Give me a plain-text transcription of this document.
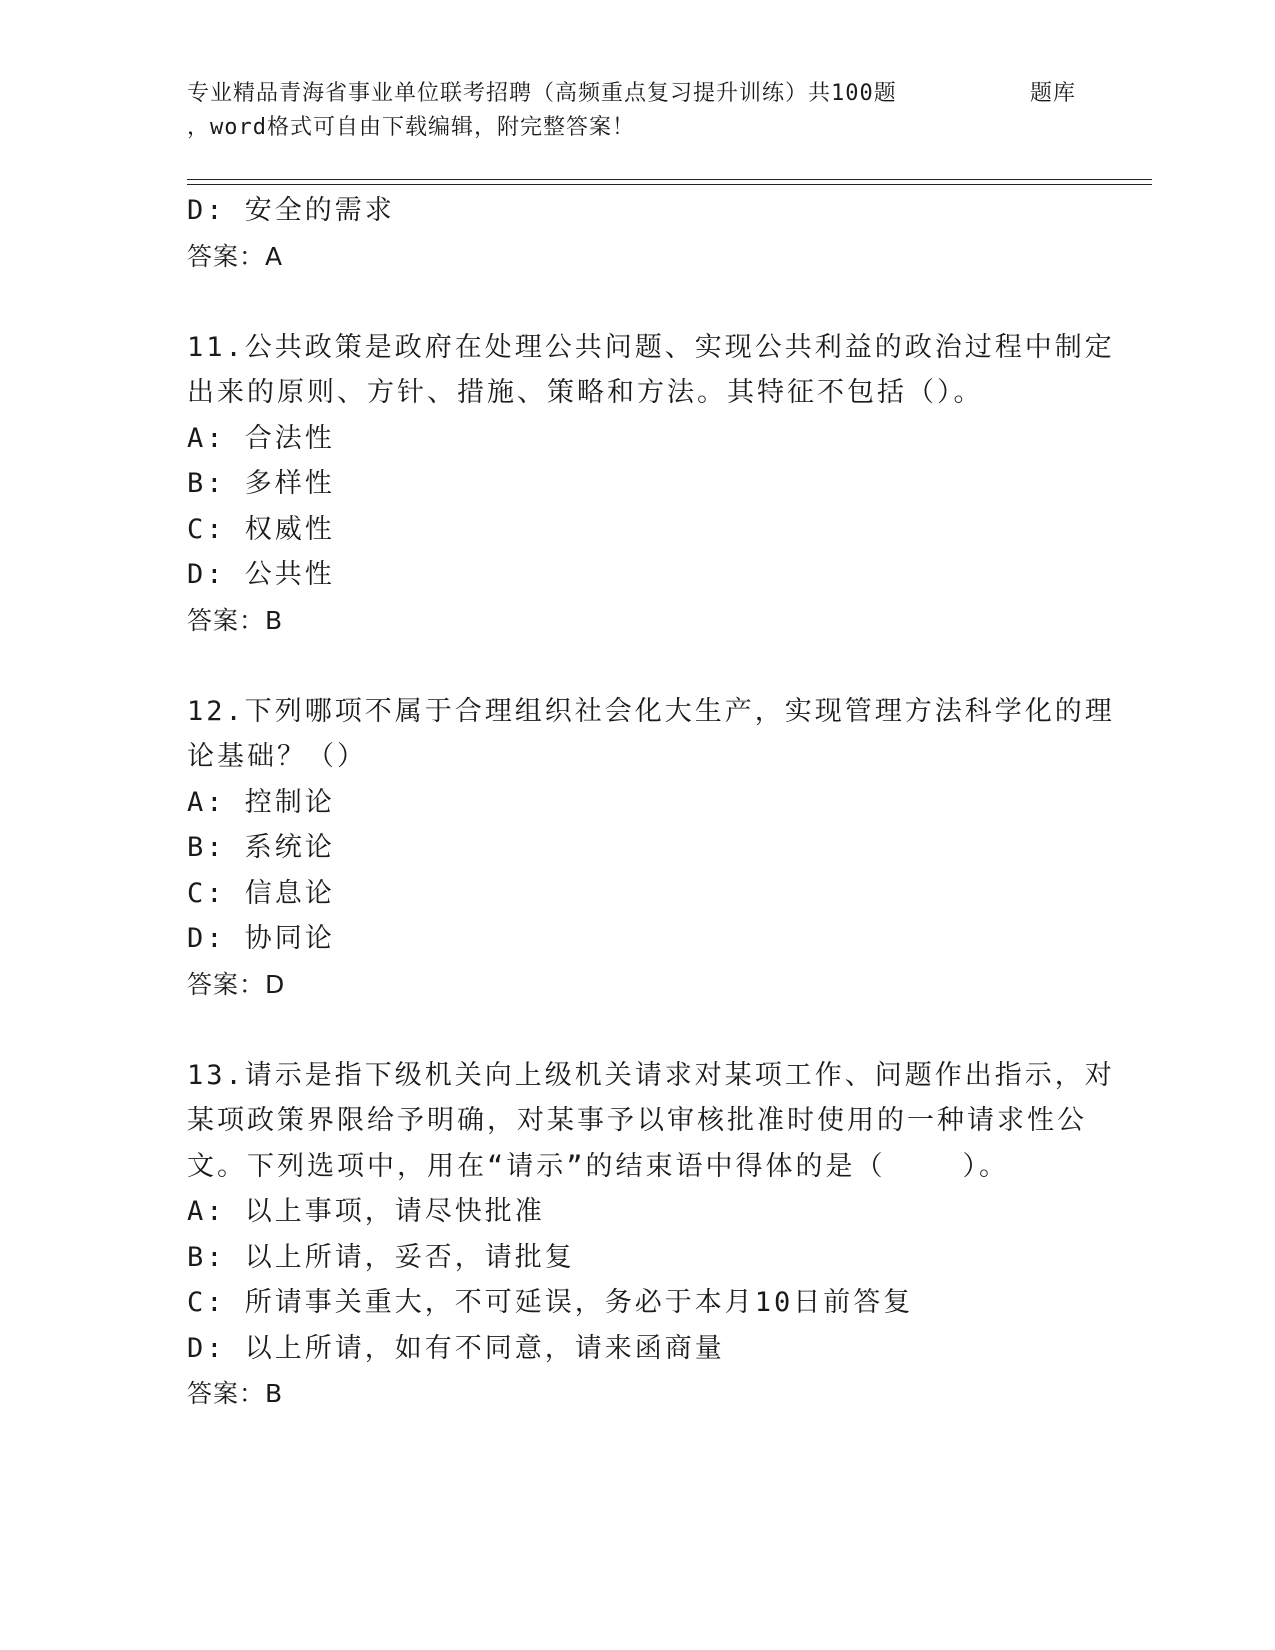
专业精品青海省事业单位联考招聘（高频重点复习提升训练）共100题	题库
，word格式可自由下载编辑，附完整答案！
D: 安全的需求
答案：A
11.公共政策是政府在处理公共问题、实现公共利益的政治过程中制定
出来的原则、方针、措施、策略和方法。其特征不包括（）。
A: 合法性
B: 多样性
C: 权威性
D: 公共性
答案：B
12.下列哪项不属于合理组织社会化大生产，实现管理方法科学化的理
论基础？（）
A: 控制论
B: 系统论
C: 信息论
D: 协同论
答案：D
13.请示是指下级机关向上级机关请求对某项工作、问题作出指示，对
某项政策界限给予明确，对某事予以审核批准时使用的一种请求性公
文。下列选项中，用在“请示”的结束语中得体的是（    ）。
A: 以上事项，请尽快批准
B: 以上所请，妥否，请批复
C: 所请事关重大，不可延误，务必于本月10日前答复
D: 以上所请，如有不同意，请来函商量
答案：B
